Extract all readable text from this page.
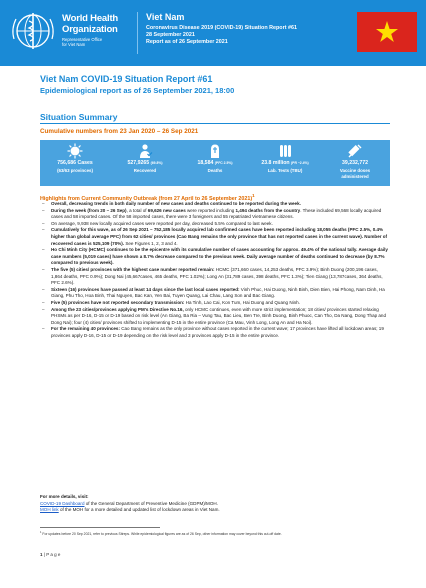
World Health
Organization
Representative Office
for Viet Nam
Viet Nam
Coronavirus Disease 2019 (COVID-19) Situation Report #61
28 September 2021
Report as of 26 September 2021
Viet Nam COVID-19 Situation Report #61
Epidemiological report as of 26 September 2021, 18:00
Situation Summary
Cumulative numbers from 23 Jan 2020 – 26 Sep 2021
756,686 Cases
(63/63 provinces)
527,9265 (69.8%)
Recovered
18,584 (PFC 2.5%)
Deaths
23.8 million (PR ~2.4%)
Lab. Tests (TBU)
39,232,772
Vaccine doses
administered
Highlights from Current Community Outbreak (from 27 April to 26 September 2021)$^1$
– Overall, decreasing trends in both daily number of new cases and deaths continued to be reported during the week.
– During the week (from 20 – 26 Sep), a total of 69,626 new cases were reported including 1,494 deaths from the country. These included 69,568 locally acquired cases and 58 imported cases. Of the 58 imported cases, there were 3 foreigners and 55 repatriated Vietnamese citizens.
– On average, 9,938 new locally acquired cases were reported per day, decreased 5.5% compared to last week.
– Cumulatively for this wave, as of 26 Sep 2021 – 752,185 locally acquired lab confirmed cases have been reported including 18,055 deaths (PFC 2.5%, 0.4% higher than global average PFC) from 62 cities/ provinces (Cao Bang remains the only province that has not reported cases in the current wave). Number of recovered cases is 525,109 (70%). See Figures 1, 2, 3 and 4.
– Ho Chi Minh City (HCMC) continues to be the epicentre with its cumulative number of cases accounting for approx. 49.4% of the national tally. Average daily case numbers (5,019 cases) have shown a 8.7% decrease compared to the previous week. Daily average number of deaths continued to decrease (by 8.7% compared to previous week).
– The five (5) cities/ provinces with the highest case number reported remain: HCMC (371,660 cases, 14,253 deaths, PFC 3.9%); Binh Duong (200,196 cases, 1,864 deaths, PFC 0.9%); Dong Nai (45,667cases, 465 deaths, PFC 1.02%); Long An (31,789 cases, 398 deaths, PFC 1.3%); Tien Giang (13,787cases, 364 deaths, PFC 2.6%).
– Sixteen (16) provinces have passed at least 14 days since the last local cases reported: Vinh Phuc, Hai Duong, Ninh Binh, Dien Bien, Hai Phong, Nam Dinh, Ha Giang, Phu Tho, Hoa Binh, Thai Nguyen, Bac Kan, Yen Bai, Tuyen Quang, Lai Chau, Lang Son and Bac Giang.
– Five (5) provinces have not reported secondary transmission: Ha Tinh, Lao Cai, Kon Tum, Hai Duong and Quang Ninh.
– Among the 23 cities/provinces applying PM's Directive No.16, only HCMC continues, even with more strict implementation; 18 cities/ provinces started relaxing PHSMs as per D-16, D-15 or D-19 based on risk level (An Giang, Ba Ria – Vung Tau, Bac Lieu, Ben Tre, Binh Duong, Binh Phuoc, Can Tho, Da Nang, Dong Thap and Dong Nai); four (4) cities/ provinces shifted to implementing D-15 in the entire province (Ca Mau, Vinh Long, Long An and Ha Noi).
– For the remaining 40 provinces: Cao Bang remains as the only province without cases reported in the current wave; 17 provinces have lifted all lockdown areas; 19 provinces apply D-16, D-15 or D-19 depending on the risk level and 3 provinces apply D-15 in the entire province.
For more details, visit:
COVID-19 Dashboard of the General Department of Preventive Medicine (GDPM)/MOH.
MOH link of the MOH for a more detailed and updated list of lockdown areas in Viet Nam.
$^1$ For updates before 20 Sep 2021, refer to previous Sitreps. While epidemiological figures are as of 26 Sep, other information may cover beyond this cut-off date.
1 | P a g e
